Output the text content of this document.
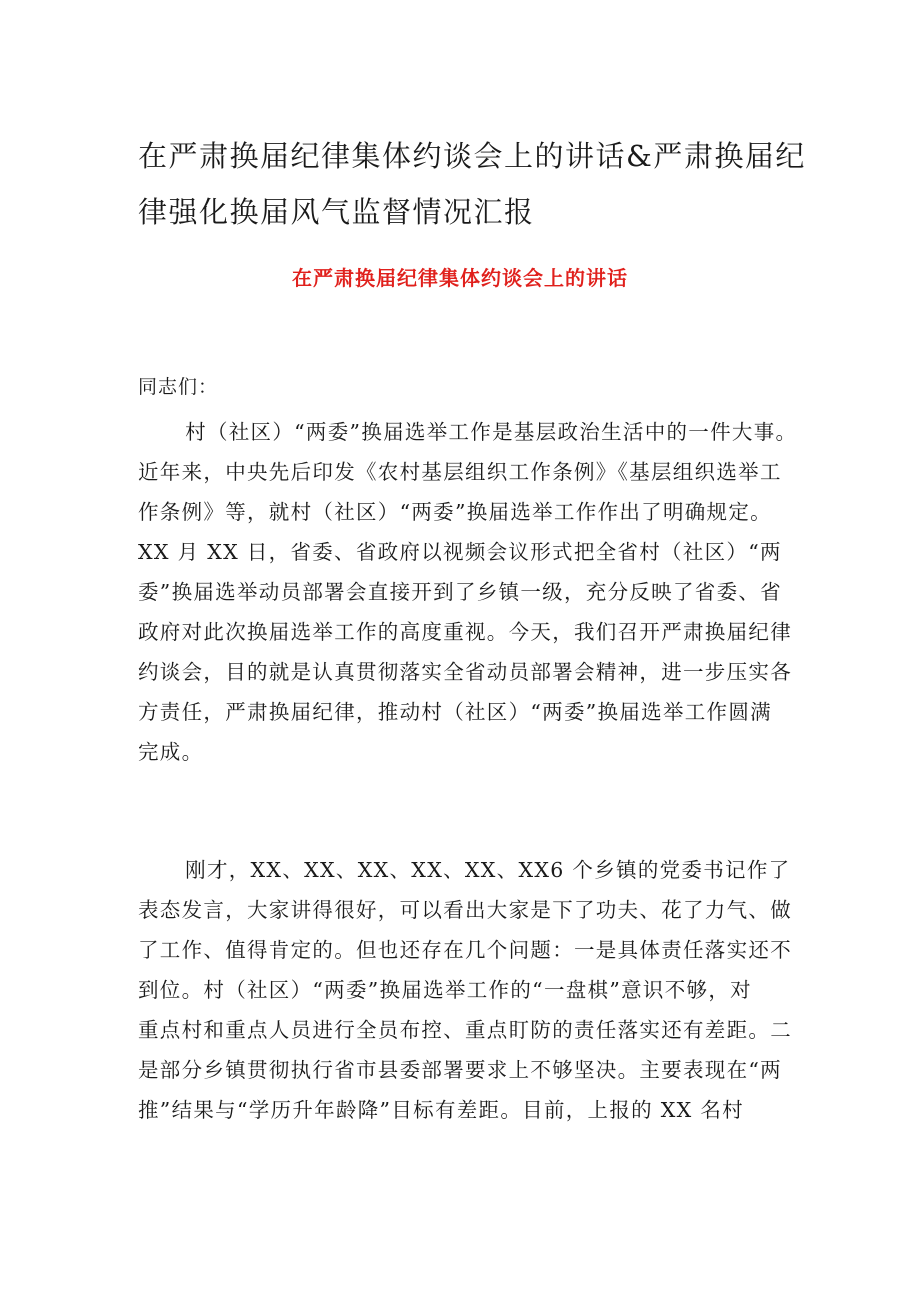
在严肃换届纪律集体约谈会上的讲话&严肃换届纪
律强化换届风气监督情况汇报
在严肃换届纪律集体约谈会上的讲话

同志们：

村（社区）“两委”换届选举工作是基层政治生活中的一件大事。
近年来，中央先后印发《农村基层组织工作条例》《基层组织选举工
作条例》等，就村（社区）“两委”换届选举工作作出了明确规定。
XX 月 XX 日，省委、省政府以视频会议形式把全省村（社区）“两
委”换届选举动员部署会直接开到了乡镇一级，充分反映了省委、省
政府对此次换届选举工作的高度重视。今天，我们召开严肃换届纪律
约谈会，目的就是认真贯彻落实全省动员部署会精神，进一步压实各
方责任，严肃换届纪律，推动村（社区）“两委”换届选举工作圆满
完成。

刚才，XX、XX、XX、XX、XX、XX6 个乡镇的党委书记作了
表态发言，大家讲得很好，可以看出大家是下了功夫、花了力气、做
了工作、值得肯定的。但也还存在几个问题：一是具体责任落实还不
到位。村（社区）“两委”换届选举工作的“一盘棋”意识不够，对
重点村和重点人员进行全员布控、重点盯防的责任落实还有差距。二
是部分乡镇贯彻执行省市县委部署要求上不够坚决。主要表现在“两
推”结果与“学历升年龄降”目标有差距。目前，上报的 XX 名村
